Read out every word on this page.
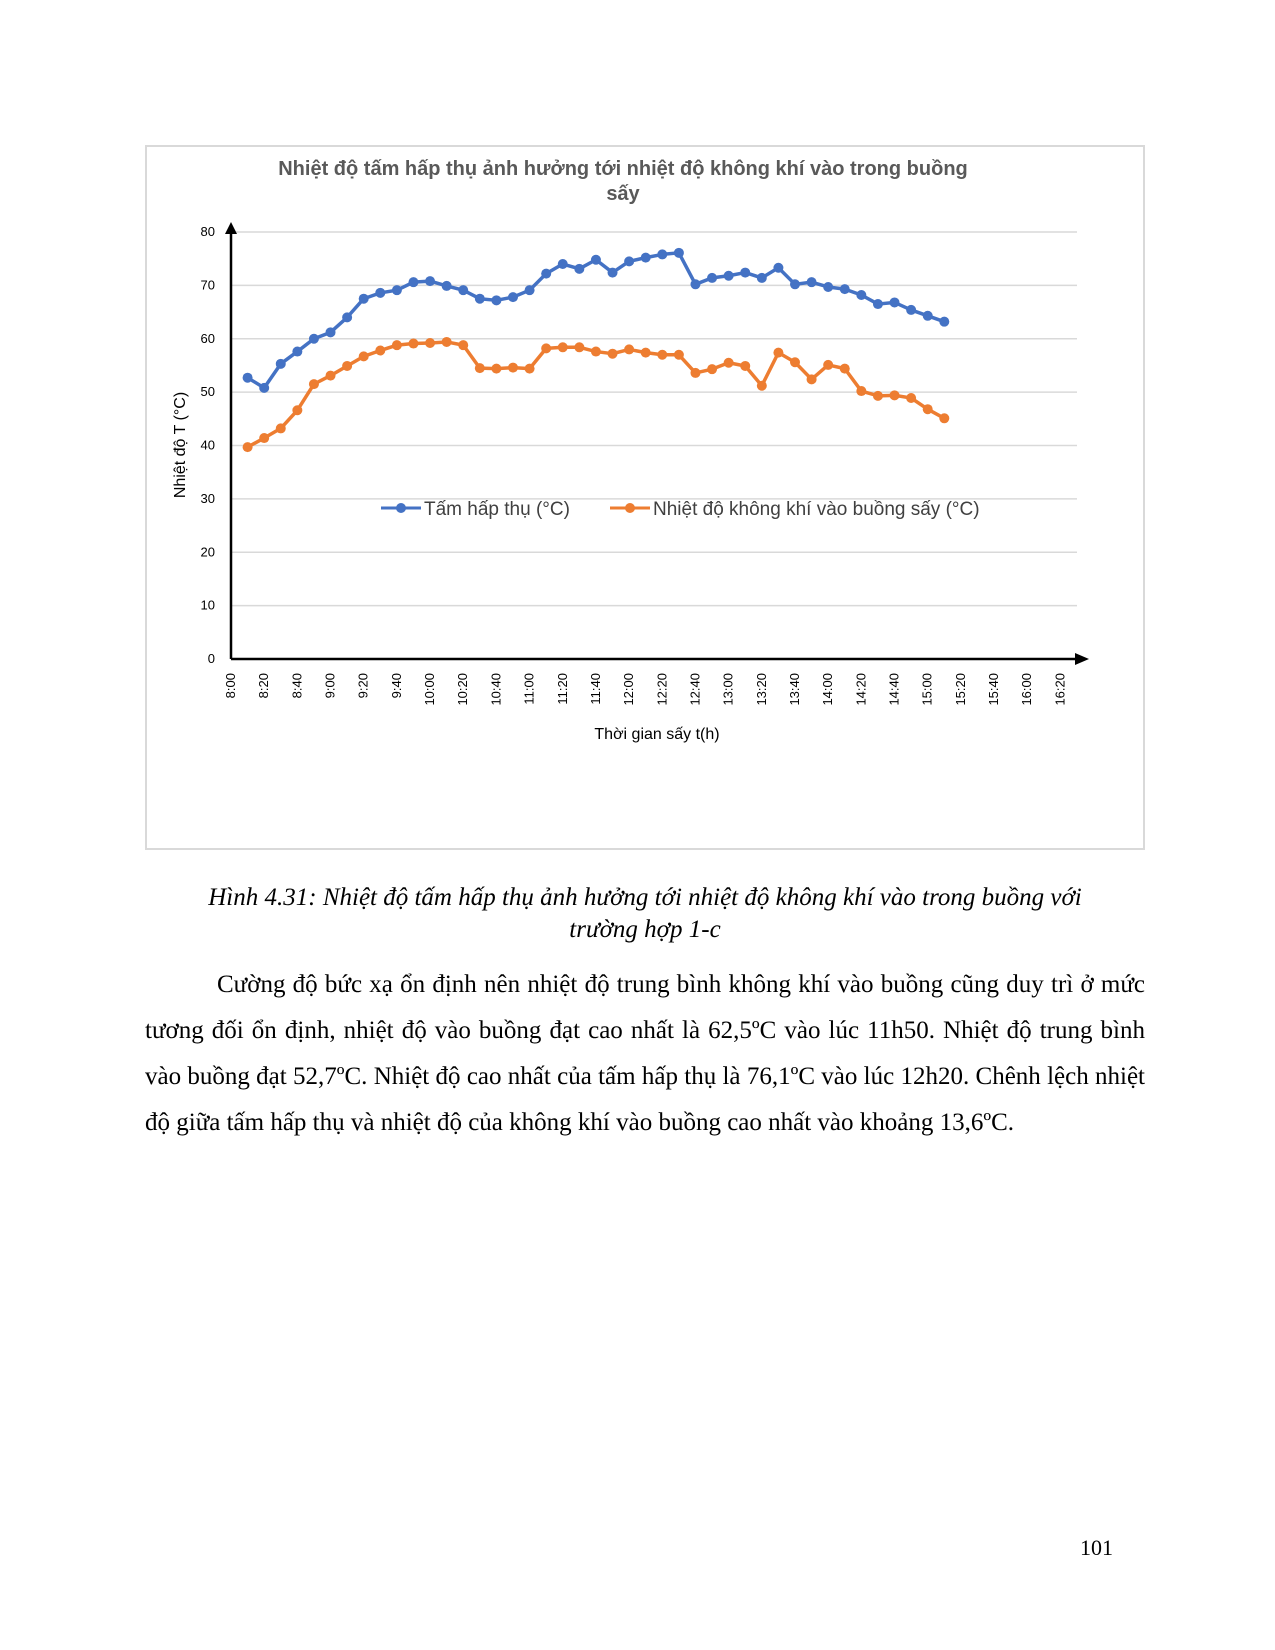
Nhiệt độ tấm hấp thụ ảnh hưởng tới nhiệt độ không khí vào trong buồng
sấy
0
10
20
30
40
50
60
70
80
8:00 8:20 8:40 9:00 9:20 9:40 10:00 10:20 10:40 11:00 11:20 11:40 12:00 12:20 12:40 13:00 13:20 13:40 14:00 14:20 14:40 15:00 15:20 15:40 16:00 16:20
Nhiệt độ T (°C)
Thời gian sấy t(h)
Tấm hấp thụ (°C)	Nhiệt độ không khí vào buồng sấy (°C)
Hình 4.31: Nhiệt độ tấm hấp thụ ảnh hưởng tới nhiệt độ không khí vào trong buồng với
trường hợp 1-c

Cường độ bức xạ ổn định nên nhiệt độ trung bình không khí vào buồng cũng duy trì ở mức tương đối ổn định, nhiệt độ vào buồng đạt cao nhất là 62,5ºC vào lúc 11h50. Nhiệt độ trung bình vào buồng đạt 52,7ºC. Nhiệt độ cao nhất của tấm hấp thụ là 76,1ºC vào lúc 12h20. Chênh lệch nhiệt độ giữa tấm hấp thụ và nhiệt độ của không khí vào buồng cao nhất vào khoảng 13,6ºC.

101
